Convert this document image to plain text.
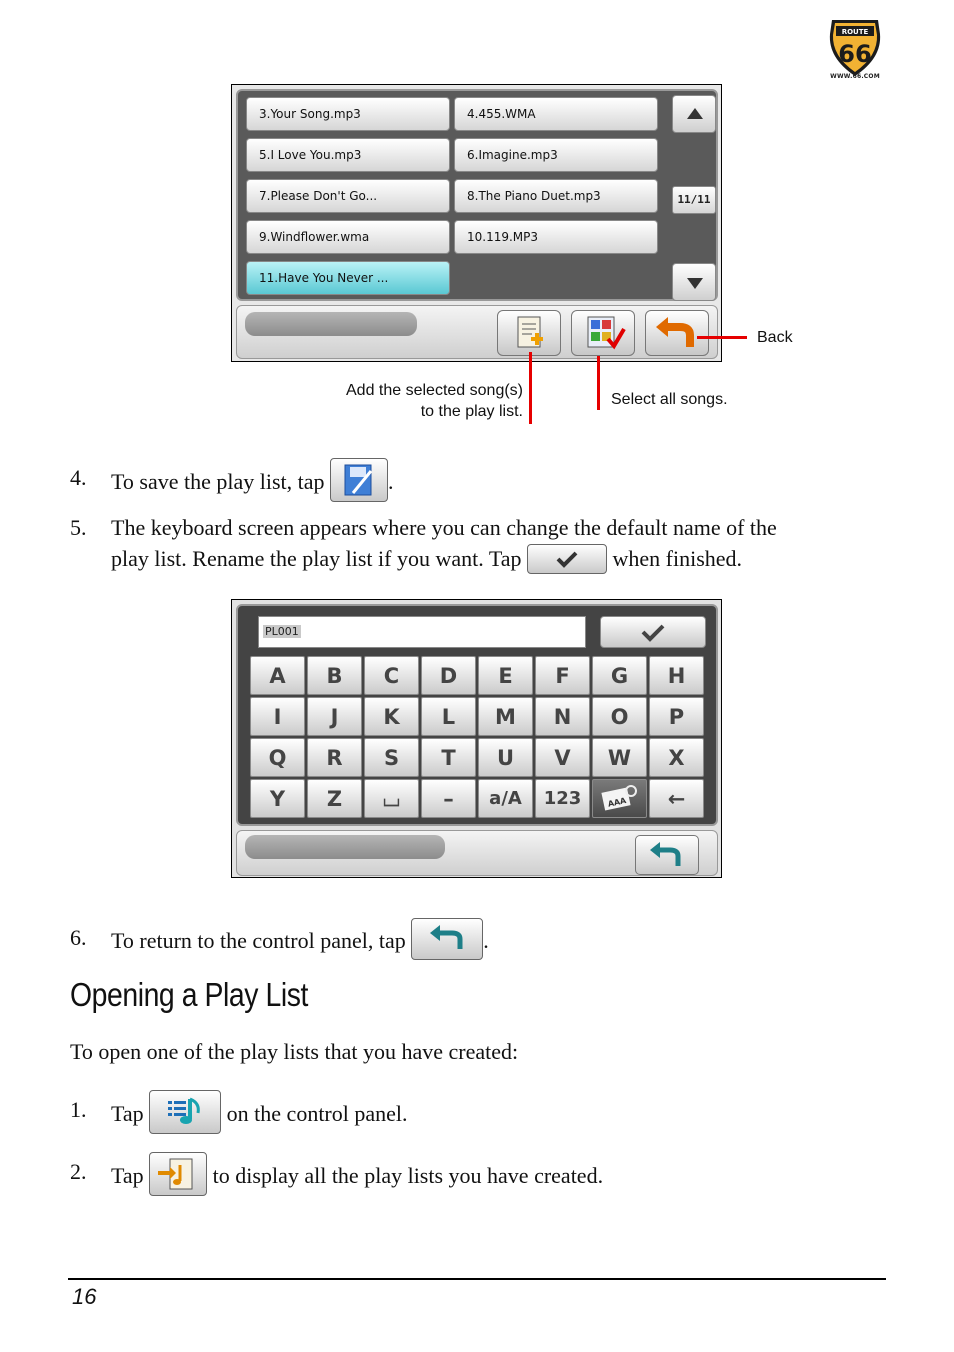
ROUTE
66
WWW.66.COM
3.Your Song.mp3	4.455.WMA
5.I Love You.mp3	6.Imagine.mp3
7.Please Don't Go...	8.The Piano Duet.mp3
9.Windflower.wma	10.119.MP3
11.Have You Never ...
11/11
Back
Add the selected song(s)
to the play list.
Select all songs.
4. To save the play list, tap	.
5. The keyboard screen appears where you can change the default name of the
play list. Rename the play list if you want. Tap	when finished.
PL001
A	B	C	D	E	F	G	H
I	J	K	L	M	N	O	P
Q	R	S	T	U	V	W	X
Y	Z	⌴	–	a/A	123	AAA	←
6. To return to the control panel, tap	.
Opening a Play List
To open one of the play lists that you have created:
1. Tap	on the control panel.
2. Tap	to display all the play lists you have created.
16
